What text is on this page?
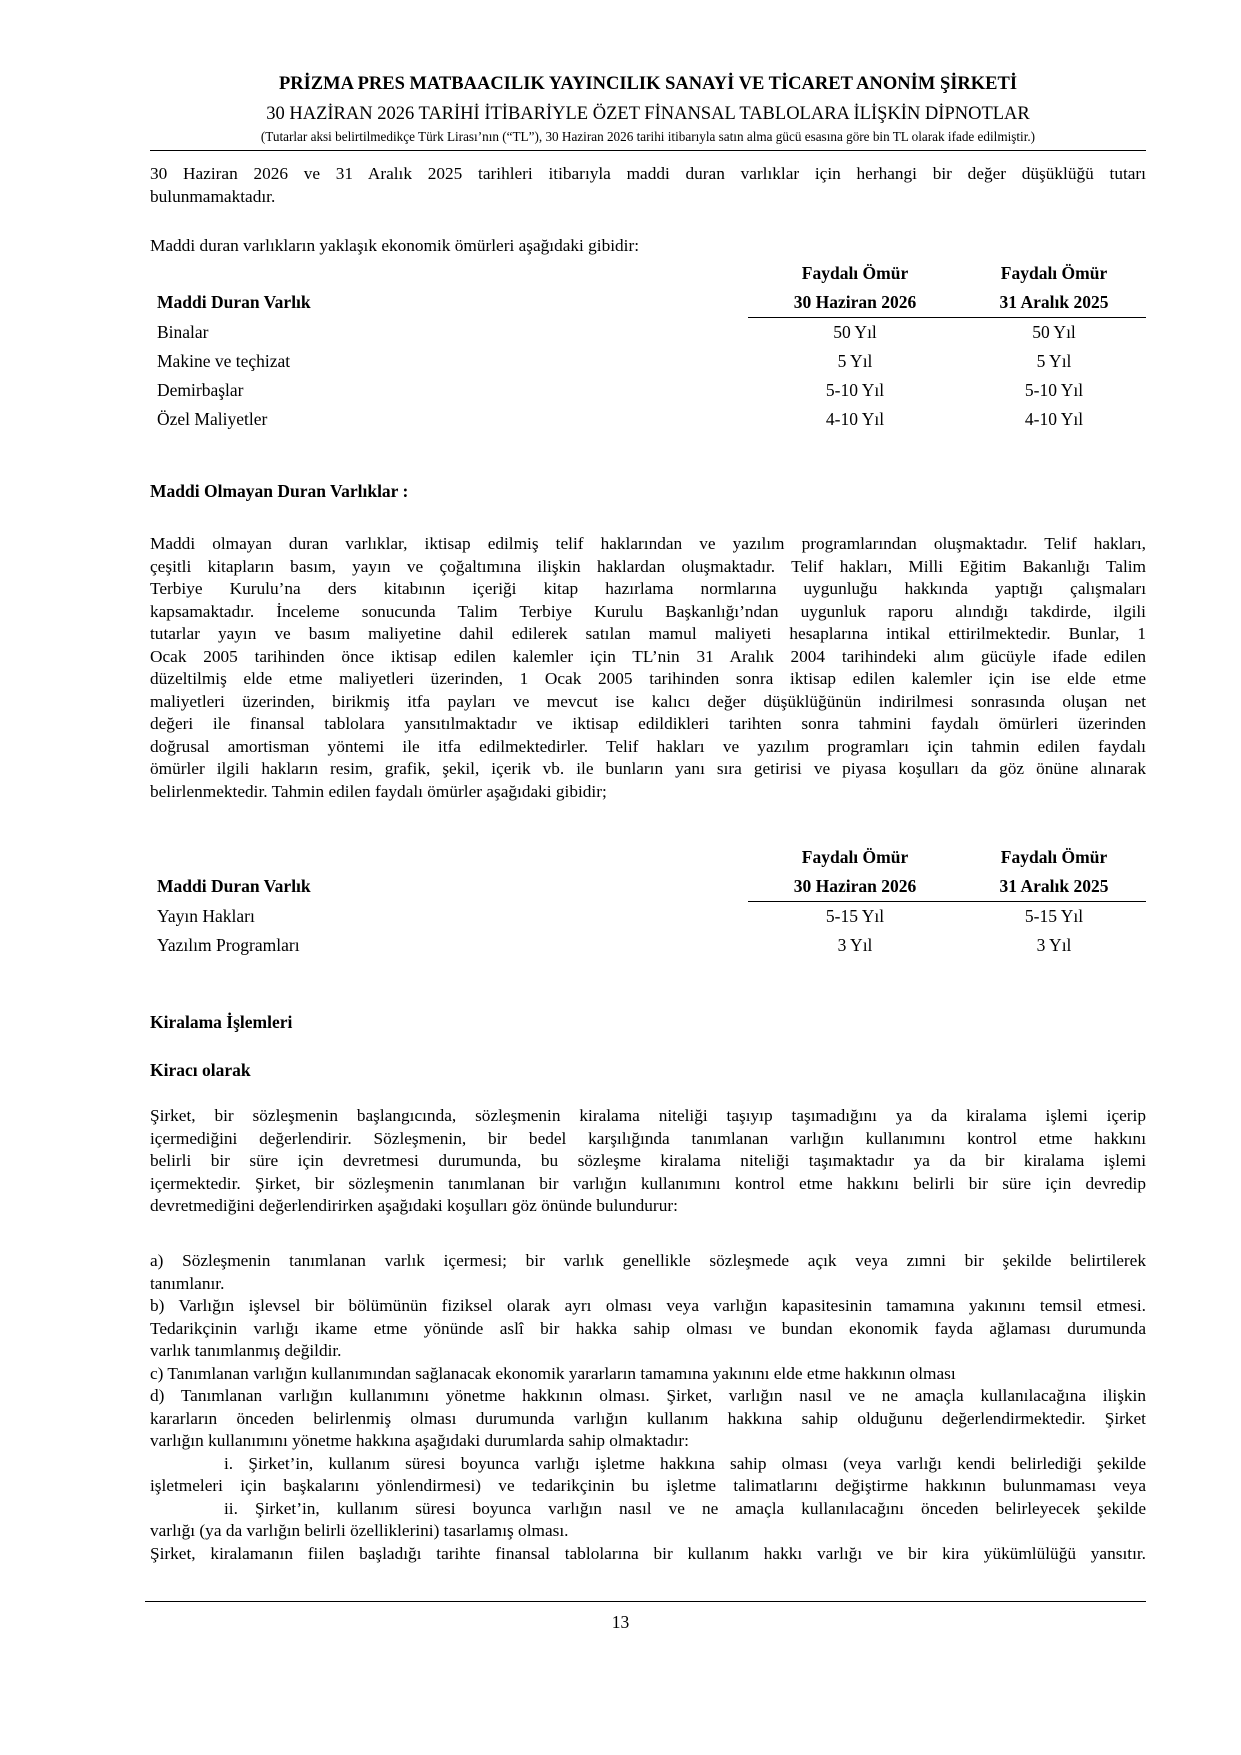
PRİZMA PRES MATBAACILIK YAYINCILIK SANAYİ VE TİCARET ANONİM ŞİRKETİ
30 HAZİRAN 2026 TARİHİ İTİBARİYLE ÖZET FİNANSAL TABLOLARA İLİŞKİN DİPNOTLAR
(Tutarlar aksi belirtilmedikçe Türk Lirası’nın (“TL”), 30 Haziran 2026 tarihi itibarıyla satın alma gücü esasına göre bin TL olarak ifade edilmiştir.)
30 Haziran 2026 ve 31 Aralık 2025 tarihleri itibarıyla maddi duran varlıklar için herhangi bir değer düşüklüğü tutarı
bulunmamaktadır.
Maddi duran varlıkların yaklaşık ekonomik ömürleri aşağıdaki gibidir:
	Faydalı Ömür	Faydalı Ömür
Maddi Duran Varlık	30 Haziran 2026	31 Aralık 2025
Binalar	50 Yıl	50 Yıl
Makine ve teçhizat	5 Yıl	5 Yıl
Demirbaşlar	5-10 Yıl	5-10 Yıl
Özel Maliyetler	4-10 Yıl	4-10 Yıl
Maddi Olmayan Duran Varlıklar :
Maddi olmayan duran varlıklar, iktisap edilmiş telif haklarından ve yazılım programlarından oluşmaktadır. Telif hakları,
çeşitli kitapların basım, yayın ve çoğaltımına ilişkin haklardan oluşmaktadır. Telif hakları, Milli Eğitim Bakanlığı Talim
Terbiye Kurulu’na ders kitabının içeriği kitap hazırlama normlarına uygunluğu hakkında yaptığı çalışmaları
kapsamaktadır. İnceleme sonucunda Talim Terbiye Kurulu Başkanlığı’ndan uygunluk raporu alındığı takdirde, ilgili
tutarlar yayın ve basım maliyetine dahil edilerek satılan mamul maliyeti hesaplarına intikal ettirilmektedir. Bunlar, 1
Ocak 2005 tarihinden önce iktisap edilen kalemler için TL’nin 31 Aralık 2004 tarihindeki alım gücüyle ifade edilen
düzeltilmiş elde etme maliyetleri üzerinden, 1 Ocak 2005 tarihinden sonra iktisap edilen kalemler için ise elde etme
maliyetleri üzerinden, birikmiş itfa payları ve mevcut ise kalıcı değer düşüklüğünün indirilmesi sonrasında oluşan net
değeri ile finansal tablolara yansıtılmaktadır ve iktisap edildikleri tarihten sonra tahmini faydalı ömürleri üzerinden
doğrusal amortisman yöntemi ile itfa edilmektedirler. Telif hakları ve yazılım programları için tahmin edilen faydalı
ömürler ilgili hakların resim, grafik, şekil, içerik vb. ile bunların yanı sıra getirisi ve piyasa koşulları da göz önüne alınarak
belirlenmektedir. Tahmin edilen faydalı ömürler aşağıdaki gibidir;
	Faydalı Ömür	Faydalı Ömür
Maddi Duran Varlık	30 Haziran 2026	31 Aralık 2025
Yayın Hakları	5-15 Yıl	5-15 Yıl
Yazılım Programları	3 Yıl	3 Yıl
Kiralama İşlemleri
Kiracı olarak
Şirket, bir sözleşmenin başlangıcında, sözleşmenin kiralama niteliği taşıyıp taşımadığını ya da kiralama işlemi içerip
içermediğini değerlendirir. Sözleşmenin, bir bedel karşılığında tanımlanan varlığın kullanımını kontrol etme hakkını
belirli bir süre için devretmesi durumunda, bu sözleşme kiralama niteliği taşımaktadır ya da bir kiralama işlemi
içermektedir. Şirket, bir sözleşmenin tanımlanan bir varlığın kullanımını kontrol etme hakkını belirli bir süre için devredip
devretmediğini değerlendirirken aşağıdaki koşulları göz önünde bulundurur:
a) Sözleşmenin tanımlanan varlık içermesi; bir varlık genellikle sözleşmede açık veya zımni bir şekilde belirtilerek
tanımlanır.
b) Varlığın işlevsel bir bölümünün fiziksel olarak ayrı olması veya varlığın kapasitesinin tamamına yakınını temsil etmesi.
Tedarikçinin varlığı ikame etme yönünde aslî bir hakka sahip olması ve bundan ekonomik fayda ağlaması durumunda
varlık tanımlanmış değildir.
c) Tanımlanan varlığın kullanımından sağlanacak ekonomik yararların tamamına yakınını elde etme hakkının olması
d) Tanımlanan varlığın kullanımını yönetme hakkının olması. Şirket, varlığın nasıl ve ne amaçla kullanılacağına ilişkin
kararların önceden belirlenmiş olması durumunda varlığın kullanım hakkına sahip olduğunu değerlendirmektedir. Şirket
varlığın kullanımını yönetme hakkına aşağıdaki durumlarda sahip olmaktadır:
i. Şirket’in, kullanım süresi boyunca varlığı işletme hakkına sahip olması (veya varlığı kendi belirlediği şekilde
işletmeleri için başkalarını yönlendirmesi) ve tedarikçinin bu işletme talimatlarını değiştirme hakkının bulunmaması veya
ii. Şirket’in, kullanım süresi boyunca varlığın nasıl ve ne amaçla kullanılacağını önceden belirleyecek şekilde
varlığı (ya da varlığın belirli özelliklerini) tasarlamış olması.
Şirket, kiralamanın fiilen başladığı tarihte finansal tablolarına bir kullanım hakkı varlığı ve bir kira yükümlülüğü yansıtır.
13
